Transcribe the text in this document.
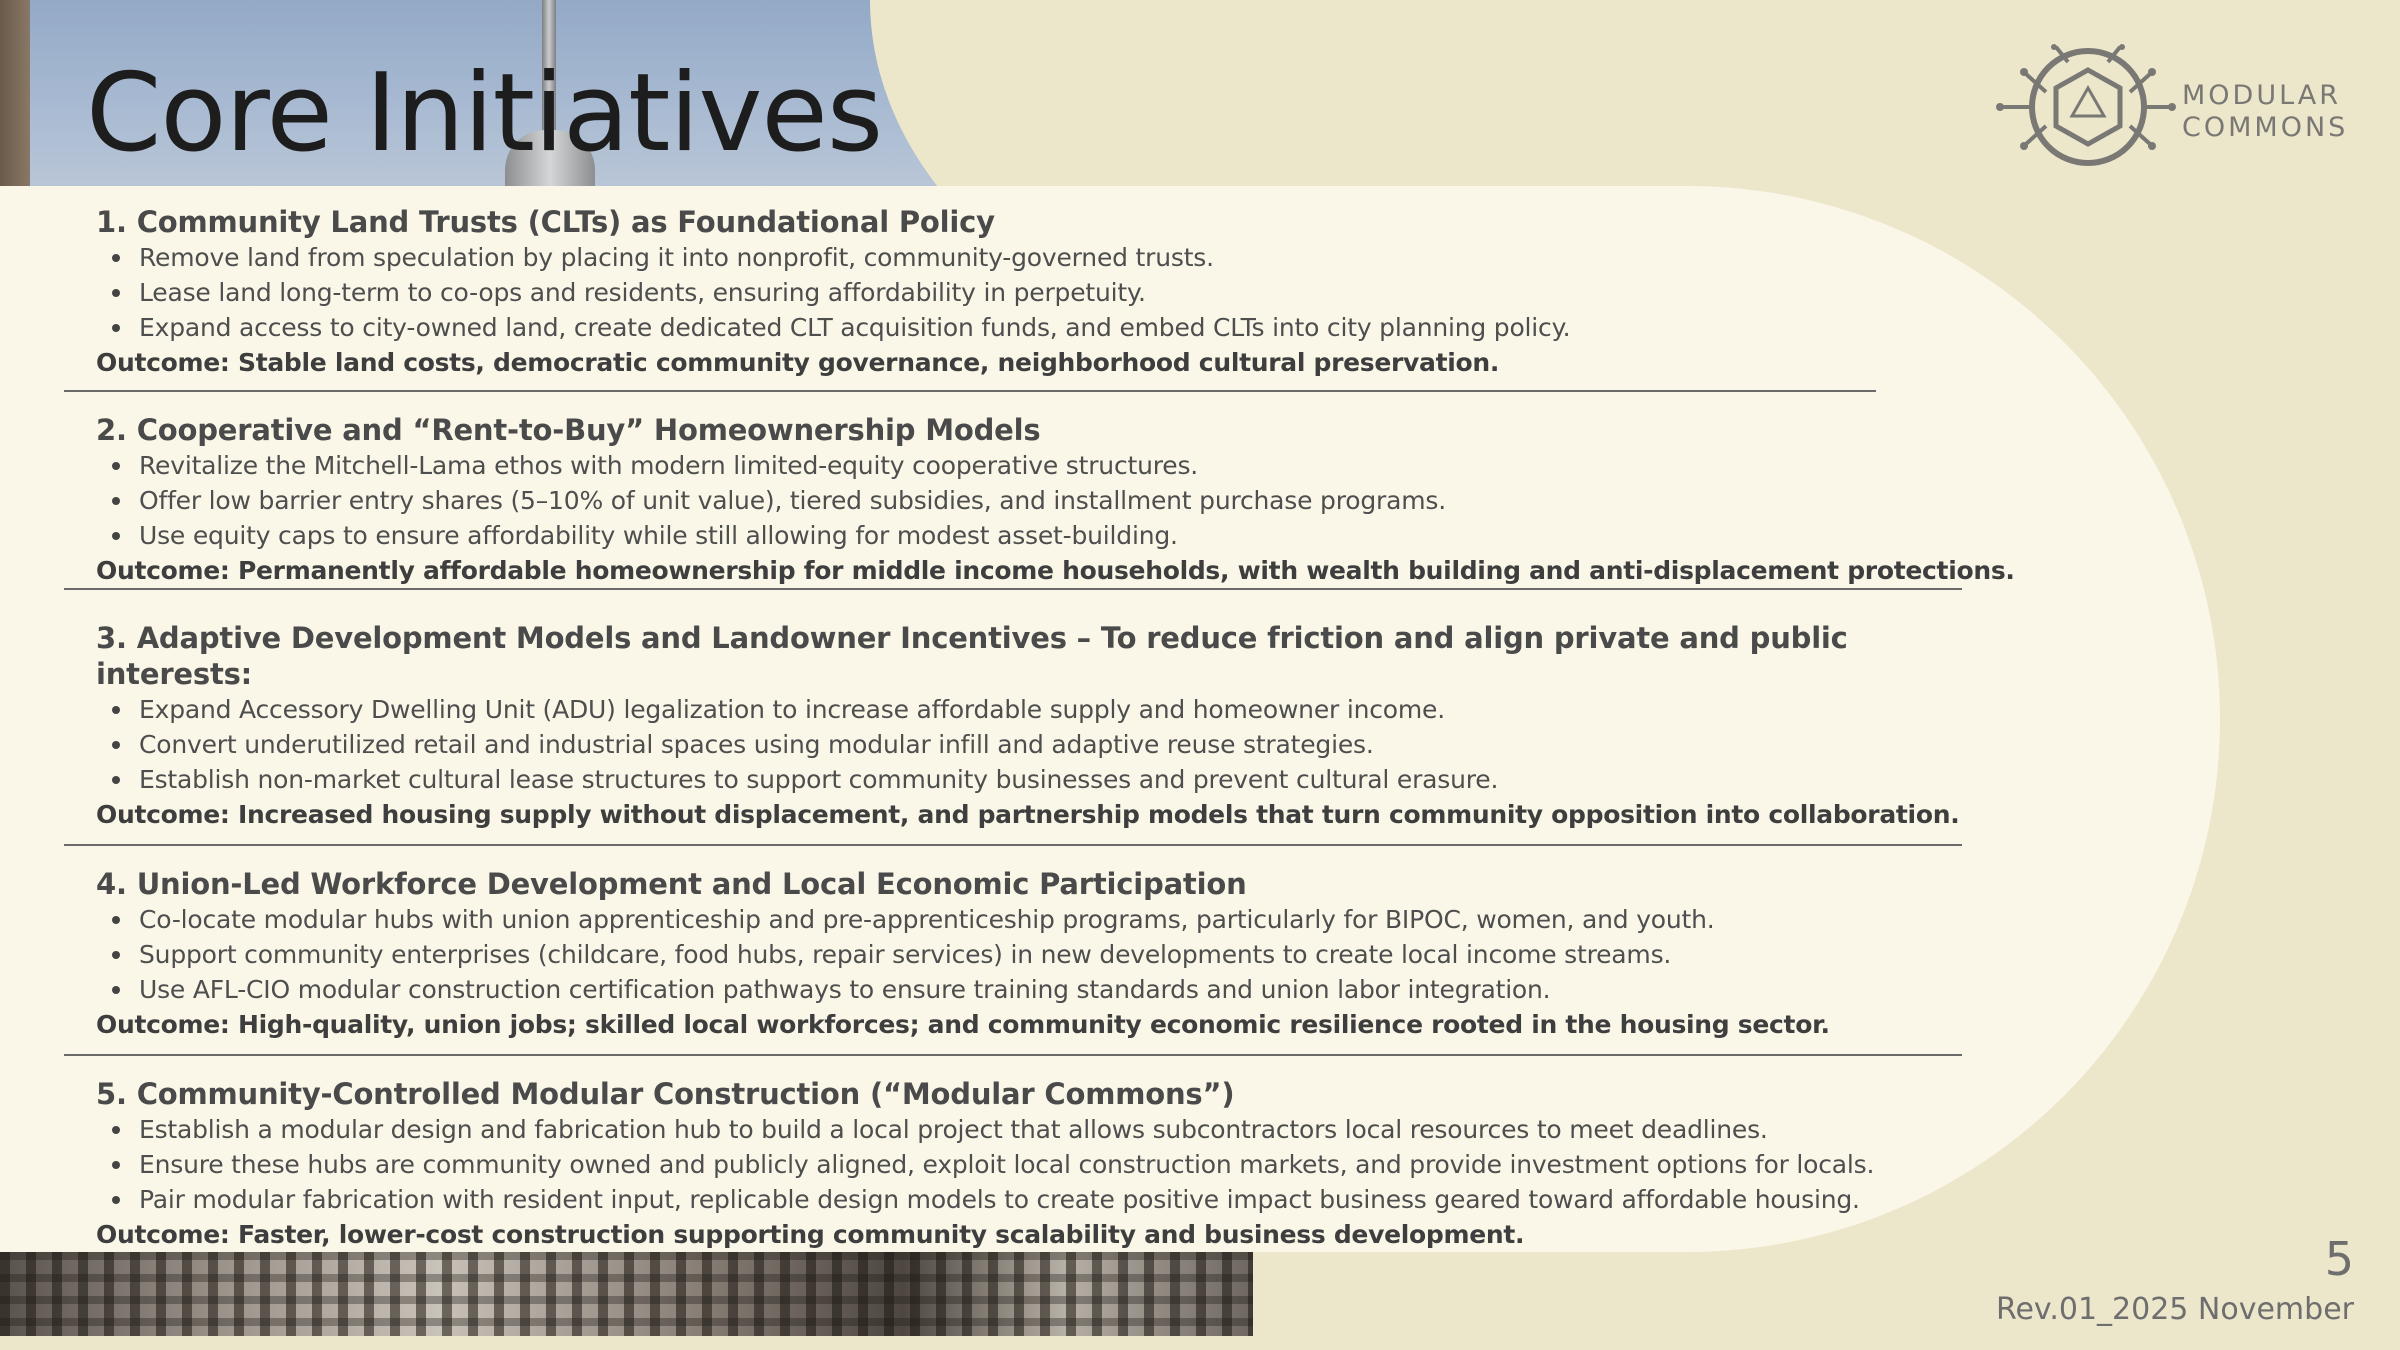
Core Initiatives	MODULAR
COMMONS
1. Community Land Trusts (CLTs) as Foundational Policy
Remove land from speculation by placing it into nonprofit, community-governed trusts.
Lease land long-term to co-ops and residents, ensuring affordability in perpetuity.
Expand access to city-owned land, create dedicated CLT acquisition funds, and embed CLTs into city planning policy.

Outcome: Stable land costs, democratic community governance, neighborhood cultural preservation.

2. Cooperative and “Rent-to-Buy” Homeownership Models
Revitalize the Mitchell-Lama ethos with modern limited-equity cooperative structures.
Offer low barrier entry shares (5–10% of unit value), tiered subsidies, and installment purchase programs.
Use equity caps to ensure affordability while still allowing for modest asset-building.

Outcome: Permanently affordable homeownership for middle income households, with wealth building and anti-displacement protections.

3. Adaptive Development Models and Landowner Incentives – To reduce friction and align private and public interests:
Expand Accessory Dwelling Unit (ADU) legalization to increase affordable supply and homeowner income.
Convert underutilized retail and industrial spaces using modular infill and adaptive reuse strategies.
Establish non-market cultural lease structures to support community businesses and prevent cultural erasure.

Outcome: Increased housing supply without displacement, and partnership models that turn community opposition into collaboration.

4. Union-Led Workforce Development and Local Economic Participation
Co-locate modular hubs with union apprenticeship and pre-apprenticeship programs, particularly for BIPOC, women, and youth.
Support community enterprises (childcare, food hubs, repair services) in new developments to create local income streams.
Use AFL-CIO modular construction certification pathways to ensure training standards and union labor integration.

Outcome: High-quality, union jobs; skilled local workforces; and community economic resilience rooted in the housing sector.

5. Community-Controlled Modular Construction (“Modular Commons”)
Establish a modular design and fabrication hub to build a local project that allows subcontractors local resources to meet deadlines.
Ensure these hubs are community owned and publicly aligned, exploit local construction markets, and provide investment options for locals.
Pair modular fabrication with resident input, replicable design models to create positive impact business geared toward affordable housing.

Outcome: Faster, lower-cost construction supporting community scalability and business development.	5
Rev.01_2025 November
